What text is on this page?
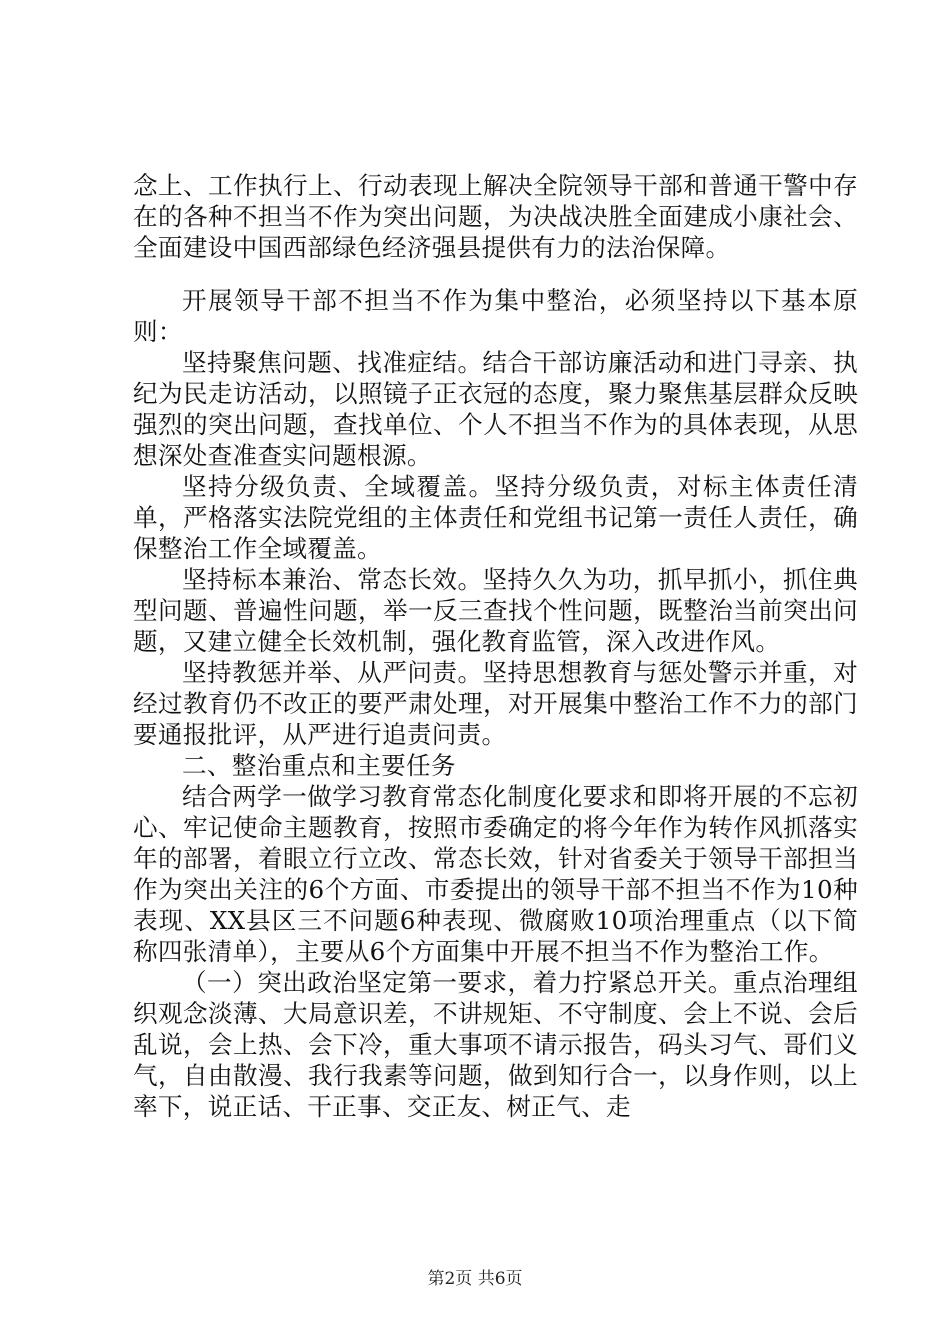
念上、工作执行上、行动表现上解决全院领导干部和普通干警中存在的各种不担当不作为突出问题，为决战决胜全面建成小康社会、全面建设中国西部绿色经济强县提供有力的法治保障。

开展领导干部不担当不作为集中整治，必须坚持以下基本原则：

坚持聚焦问题、找准症结。结合干部访廉活动和进门寻亲、执纪为民走访活动，以照镜子正衣冠的态度，聚力聚焦基层群众反映强烈的突出问题，查找单位、个人不担当不作为的具体表现，从思想深处查准查实问题根源。

坚持分级负责、全域覆盖。坚持分级负责，对标主体责任清单，严格落实法院党组的主体责任和党组书记第一责任人责任，确保整治工作全域覆盖。

坚持标本兼治、常态长效。坚持久久为功，抓早抓小，抓住典型问题、普遍性问题，举一反三查找个性问题，既整治当前突出问题，又建立健全长效机制，强化教育监管，深入改进作风。

坚持教惩并举、从严问责。坚持思想教育与惩处警示并重，对经过教育仍不改正的要严肃处理，对开展集中整治工作不力的部门要通报批评，从严进行追责问责。

二、整治重点和主要任务

结合两学一做学习教育常态化制度化要求和即将开展的不忘初心、牢记使命主题教育，按照市委确定的将今年作为转作风抓落实年的部署，着眼立行立改、常态长效，针对省委关于领导干部担当作为突出关注的6个方面、市委提出的领导干部不担当不作为10种表现、XX县区三不问题6种表现、微腐败10项治理重点（以下简称四张清单），主要从6个方面集中开展不担当不作为整治工作。

（一）突出政治坚定第一要求，着力拧紧总开关。重点治理组织观念淡薄、大局意识差，不讲规矩、不守制度、会上不说、会后乱说，会上热、会下冷，重大事项不请示报告，码头习气、哥们义气，自由散漫、我行我素等问题，做到知行合一，以身作则，以上率下，说正话、干正事、交正友、树正气、走

第2页 共6页
